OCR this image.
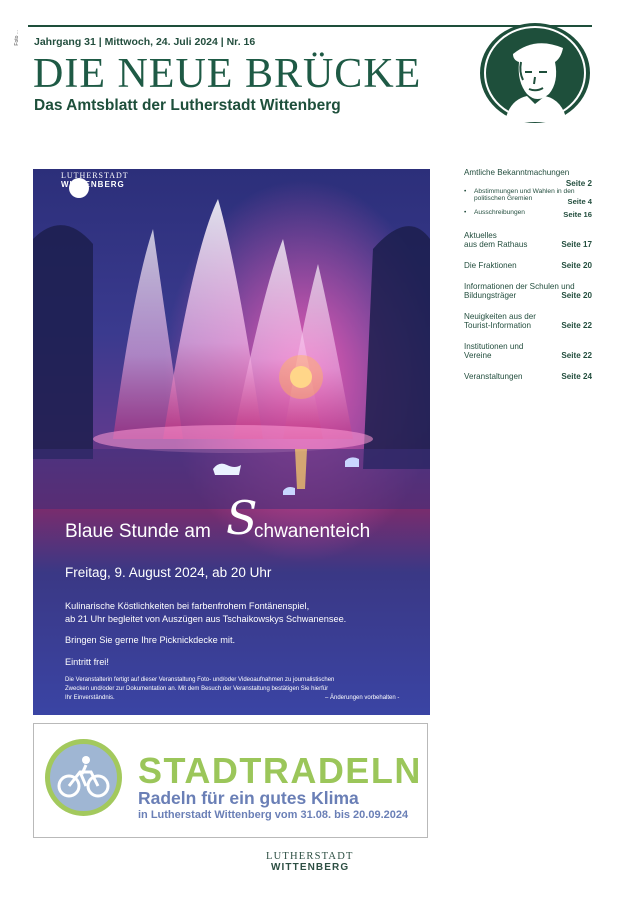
Foto ... Jahrgang 31 | Mittwoch, 24. Juli 2024 | Nr. 16
DIE NEUE BRÜCKE
Das Amtsblatt der Lutherstadt Wittenberg
LUTHERSTADT
WITTENBERG
Blaue Stunde am S
chwanenteich
Freitag, 9. August 2024, ab 20 Uhr
Kulinarische Köstlichkeiten bei farbenfrohem Fontänenspiel,
ab 21 Uhr begleitet von Auszügen aus Tschaikowskys Schwanensee.
Bringen Sie gerne Ihre Picknickdecke mit.
Eintritt frei!
Die Veranstalterin fertigt auf dieser Veranstaltung Foto- und/oder Videoaufnahmen zu journalistischen
Zwecken und/oder zur Dokumentation an. Mit dem Besuch der Veranstaltung bestätigen Sie hierfür
Ihr Einverständnis.	– Änderungen vorbehalten -
Amtliche Bekanntmachungen
Seite 2
• Abstimmungen und Wahlen in den
politischen Gremien	Seite 4
• Ausschreibungen	Seite 16
Aktuelles
aus dem Rathaus	Seite 17
Die Fraktionen	Seite 20
Informationen der Schulen und
Bildungsträger	Seite 20
Neuigkeiten aus der
Tourist-Information	Seite 22
Institutionen und
Vereine	Seite 22
Veranstaltungen	Seite 24
STADTRADELN
Radeln für ein gutes Klima
in Lutherstadt Wittenberg vom 31.08. bis 20.09.2024
LUTHERSTADT
WITTENBERG
